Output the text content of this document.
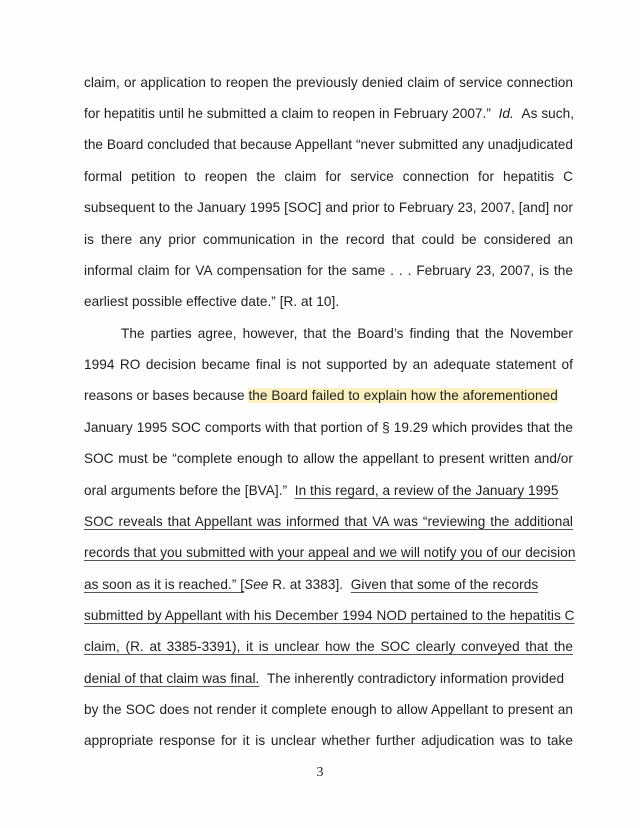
claim, or application to reopen the previously denied claim of service connection
for hepatitis until he submitted a claim to reopen in February 2007.” Id. As such,
the Board concluded that because Appellant “never submitted any unadjudicated
formal petition to reopen the claim for service connection for hepatitis C
subsequent to the January 1995 [SOC] and prior to February 23, 2007, [and] nor
is there any prior communication in the record that could be considered an
informal claim for VA compensation for the same . . . February 23, 2007, is the
earliest possible effective date.” [R. at 10].
The parties agree, however, that the Board’s finding that the November
1994 RO decision became final is not supported by an adequate statement of
reasons or bases because the Board failed to explain how the aforementioned
January 1995 SOC comports with that portion of § 19.29 which provides that the
SOC must be “complete enough to allow the appellant to present written and/or
oral arguments before the [BVA].” In this regard, a review of the January 1995
SOC reveals that Appellant was informed that VA was “reviewing the additional
records that you submitted with your appeal and we will notify you of our decision
as soon as it is reached.” [See R. at 3383]. Given that some of the records
submitted by Appellant with his December 1994 NOD pertained to the hepatitis C
claim, (R. at 3385-3391), it is unclear how the SOC clearly conveyed that the
denial of that claim was final. The inherently contradictory information provided
by the SOC does not render it complete enough to allow Appellant to present an
appropriate response for it is unclear whether further adjudication was to take
3
